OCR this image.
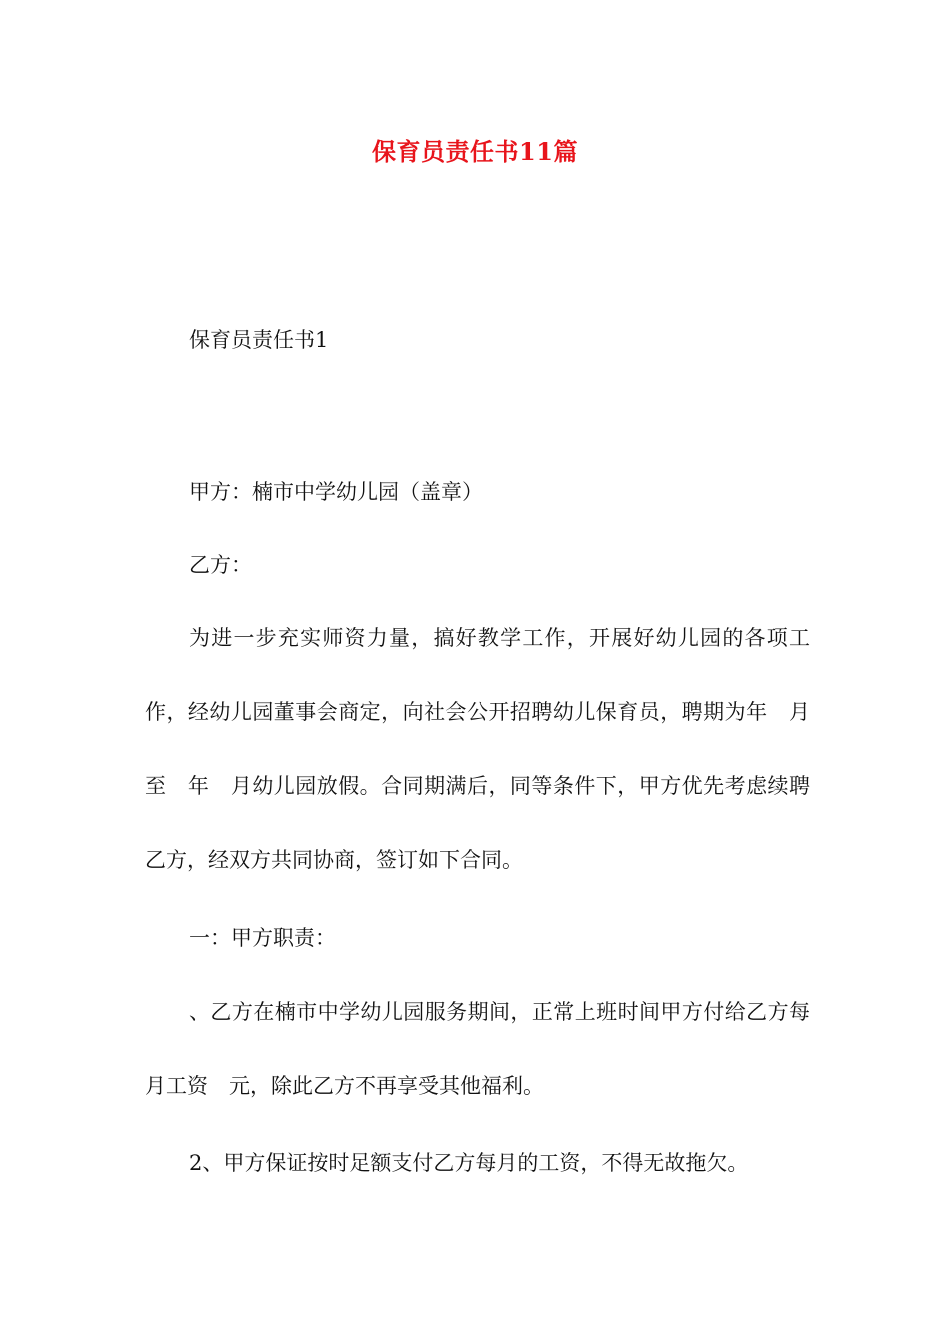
保育员责任书11篇

保育员责任书1

甲方：楠市中学幼儿园（盖章）

乙方：

为进一步充实师资力量，搞好教学工作，开展好幼儿园的各项工作，经幼儿园董事会商定，向社会公开招聘幼儿保育员，聘期为年　月至　年　月幼儿园放假。合同期满后，同等条件下，甲方优先考虑续聘乙方，经双方共同协商，签订如下合同。

一：甲方职责：

、乙方在楠市中学幼儿园服务期间，正常上班时间甲方付给乙方每月工资　元，除此乙方不再享受其他福利。

2、甲方保证按时足额支付乙方每月的工资，不得无故拖欠。
